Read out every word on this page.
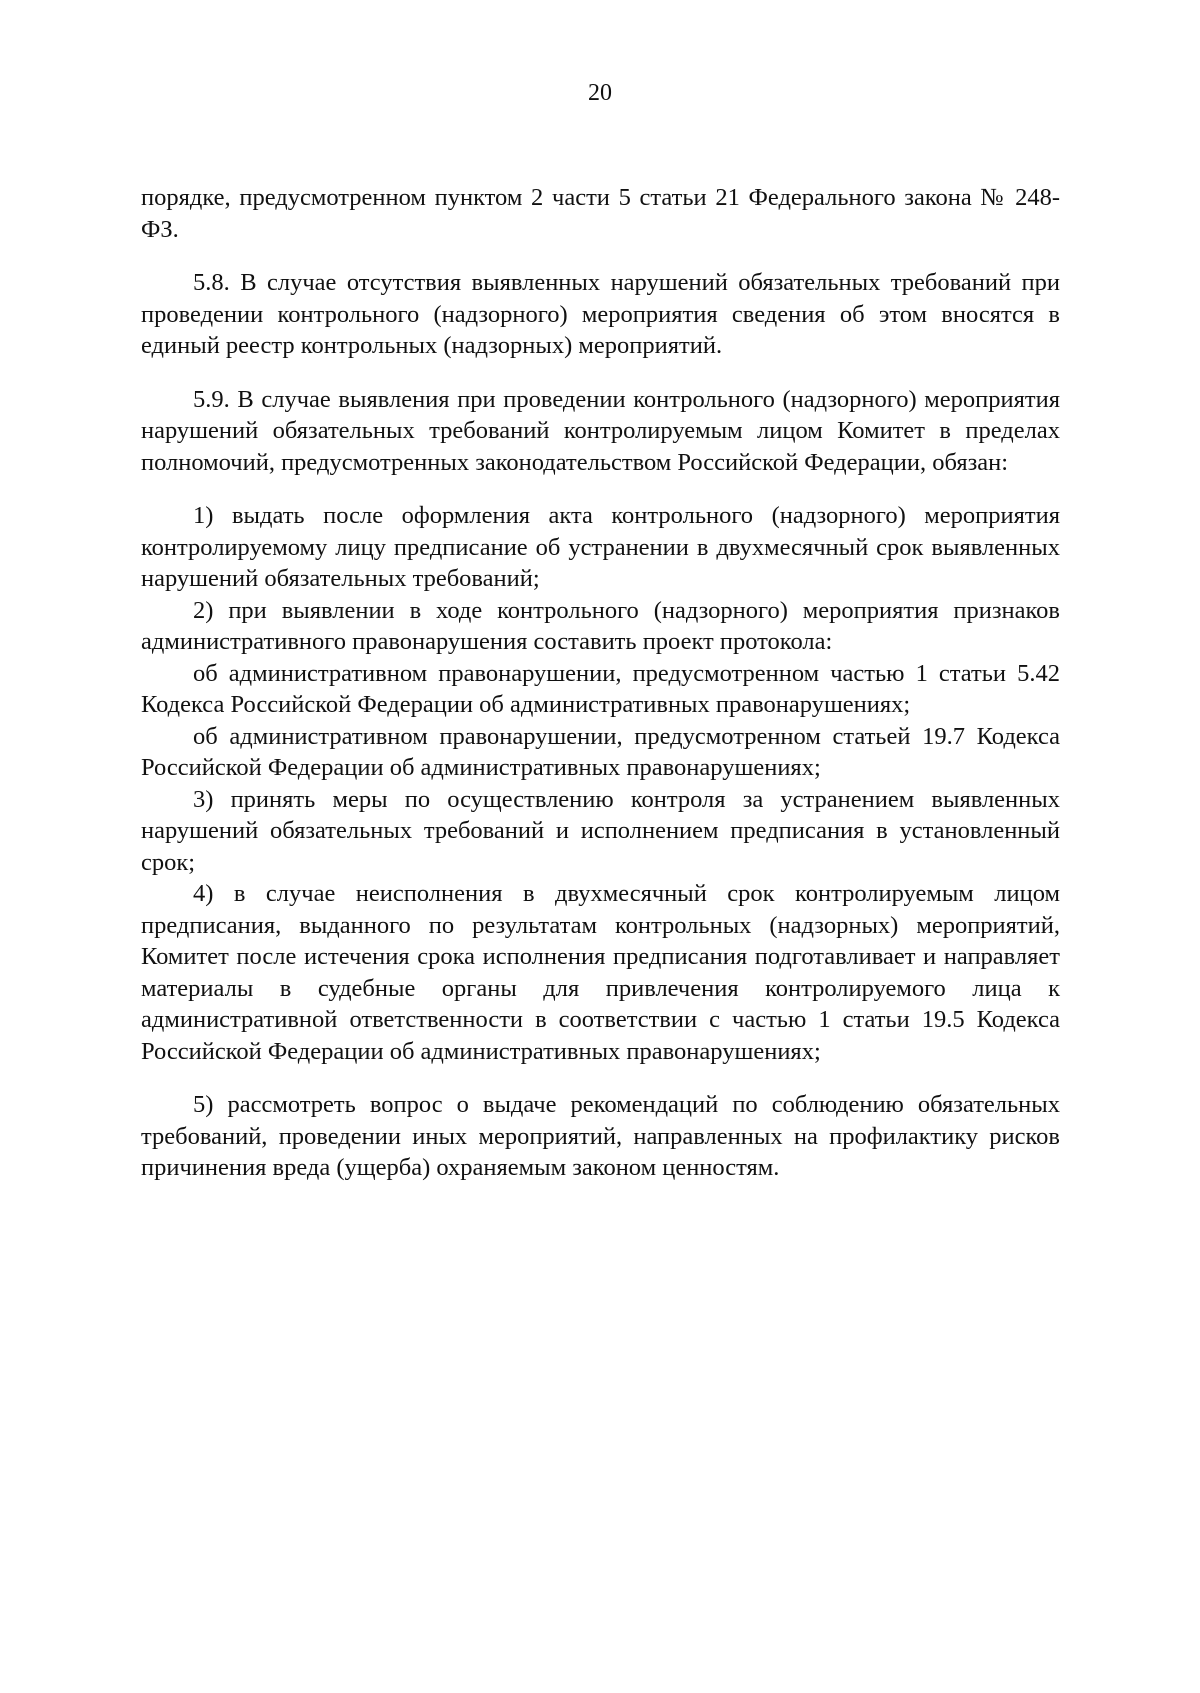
20

порядке, предусмотренном пунктом 2 части 5 статьи 21 Федерального закона № 248-ФЗ.

5.8. В случае отсутствия выявленных нарушений обязательных требований при проведении контрольного (надзорного) мероприятия сведения об этом вносятся в единый реестр контрольных (надзорных) мероприятий.

5.9. В случае выявления при проведении контрольного (надзорного) мероприятия нарушений обязательных требований контролируемым лицом Комитет в пределах полномочий, предусмотренных законодательством Российской Федерации, обязан:

1) выдать после оформления акта контрольного (надзорного) мероприятия контролируемому лицу предписание об устранении в двухмесячный срок выявленных нарушений обязательных требований;

2) при выявлении в ходе контрольного (надзорного) мероприятия признаков административного правонарушения составить проект протокола:

об административном правонарушении, предусмотренном частью 1 статьи 5.42 Кодекса Российской Федерации об административных правонарушениях;

об административном правонарушении, предусмотренном статьей 19.7 Кодекса Российской Федерации об административных правонарушениях;

3) принять меры по осуществлению контроля за устранением выявленных нарушений обязательных требований и исполнением предписания в установленный срок;

4) в случае неисполнения в двухмесячный срок контролируемым лицом предписания, выданного по результатам контрольных (надзорных) мероприятий, Комитет после истечения срока исполнения предписания подготавливает и направляет материалы в судебные органы для привлечения контролируемого лица к административной ответственности в соответствии с частью 1 статьи 19.5 Кодекса Российской Федерации об административных правонарушениях;

5) рассмотреть вопрос о выдаче рекомендаций по соблюдению обязательных требований, проведении иных мероприятий, направленных на профилактику рисков причинения вреда (ущерба) охраняемым законом ценностям.
